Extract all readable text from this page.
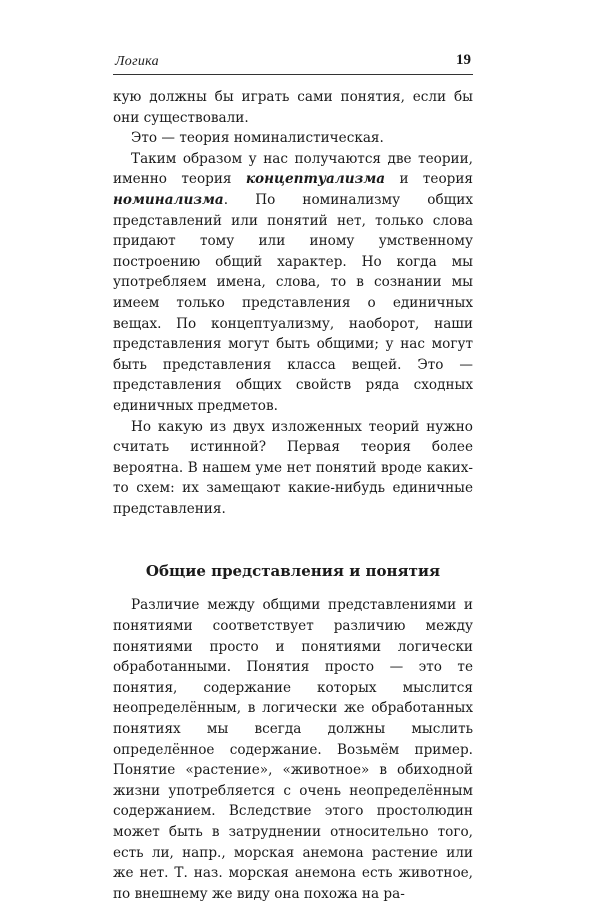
Логика	19

кую должны бы играть сами понятия, если бы они существовали.

Это — теория номиналистическая.

Таким образом у нас получаются две теории, именно теория концептуализма и теория номинализма. По номинализму общих представлений или понятий нет, только слова придают тому или иному умственному построению общий характер. Но когда мы употребляем имена, слова, то в сознании мы имеем только представления о единичных вещах. По концептуализму, наоборот, наши представления могут быть общими; у нас могут быть представления класса вещей. Это — представления общих свойств ряда сходных единичных предметов.

Но какую из двух изложенных теорий нужно считать истинной? Первая теория более вероятна. В нашем уме нет понятий вроде каких-то схем: их замещают какие-нибудь единичные представления.

Общие представления и понятия

Различие между общими представлениями и понятиями соответствует различию между понятиями просто и понятиями логически обработанными. Понятия просто — это те понятия, содержание которых мыслится неопределённым, в логически же обработанных понятиях мы всегда должны мыслить определённое содержание. Возьмём пример. Понятие «растение», «животное» в обиходной жизни употребляется с очень неопределённым содержанием. Вследствие этого простолюдин может быть в затруднении относительно того, есть ли, напр., морская анемона растение или же нет. Т. наз. морская анемона есть животное, по внешнему же виду она похожа на ра-
